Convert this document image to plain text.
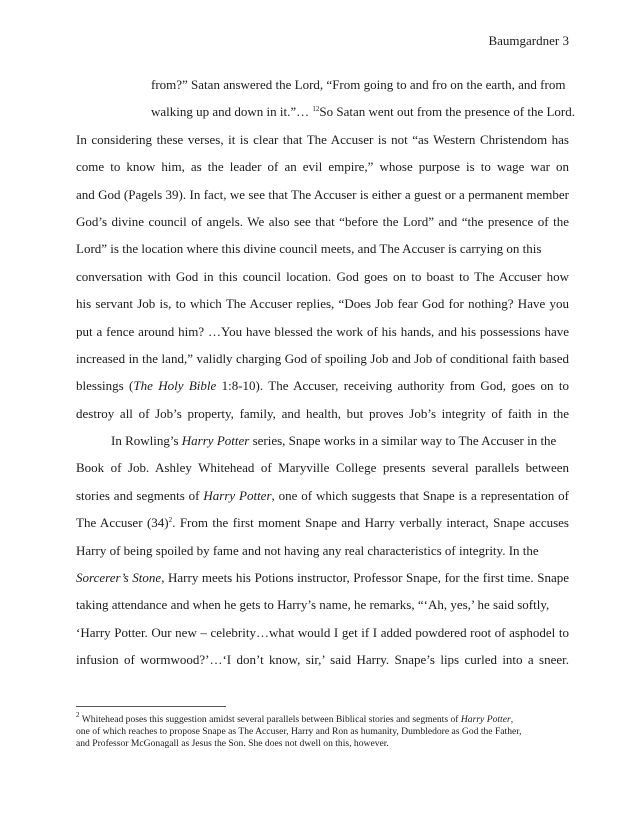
Baumgardner 3
from?” Satan answered the Lord, “From going to and fro on the earth, and from
walking up and down in it.”… $^{12}$So Satan went out from the presence of the Lord.
In considering these verses, it is clear that The Accuser is not “as Western Christendom has
come to know him, as the leader of an evil empire,” whose purpose is to wage war on
and God (Pagels 39). In fact, we see that The Accuser is either a guest or a permanent member
God’s divine council of angels. We also see that “before the Lord” and “the presence of the
Lord” is the location where this divine council meets, and The Accuser is carrying on this
conversation with God in this council location. God goes on to boast to The Accuser how
his servant Job is, to which The Accuser replies, “Does Job fear God for nothing? Have you
put a fence around him? …You have blessed the work of his hands, and his possessions have
increased in the land,” validly charging God of spoiling Job and Job of conditional faith based
blessings (The Holy Bible 1:8-10). The Accuser, receiving authority from God, goes on to
destroy all of Job’s property, family, and health, but proves Job’s integrity of faith in the
In Rowling’s Harry Potter series, Snape works in a similar way to The Accuser in the
Book of Job. Ashley Whitehead of Maryville College presents several parallels between
stories and segments of Harry Potter, one of which suggests that Snape is a representation of
The Accuser $(34)^2$. From the first moment Snape and Harry verbally interact, Snape accuses
Harry of being spoiled by fame and not having any real characteristics of integrity. In the
Sorcerer’s Stone, Harry meets his Potions instructor, Professor Snape, for the first time. Snape
taking attendance and when he gets to Harry’s name, he remarks, “‘Ah, yes,’ he said softly,
‘Harry Potter. Our new – celebrity…what would I get if I added powdered root of asphodel to
infusion of wormwood?’…‘I don’t know, sir,’ said Harry. Snape’s lips curled into a sneer.
$^2$ Whitehead poses this suggestion amidst several parallels between Biblical stories and segments of Harry Potter,
one of which reaches to propose Snape as The Accuser, Harry and Ron as humanity, Dumbledore as God the Father,
and Professor McGonagall as Jesus the Son. She does not dwell on this, however.
